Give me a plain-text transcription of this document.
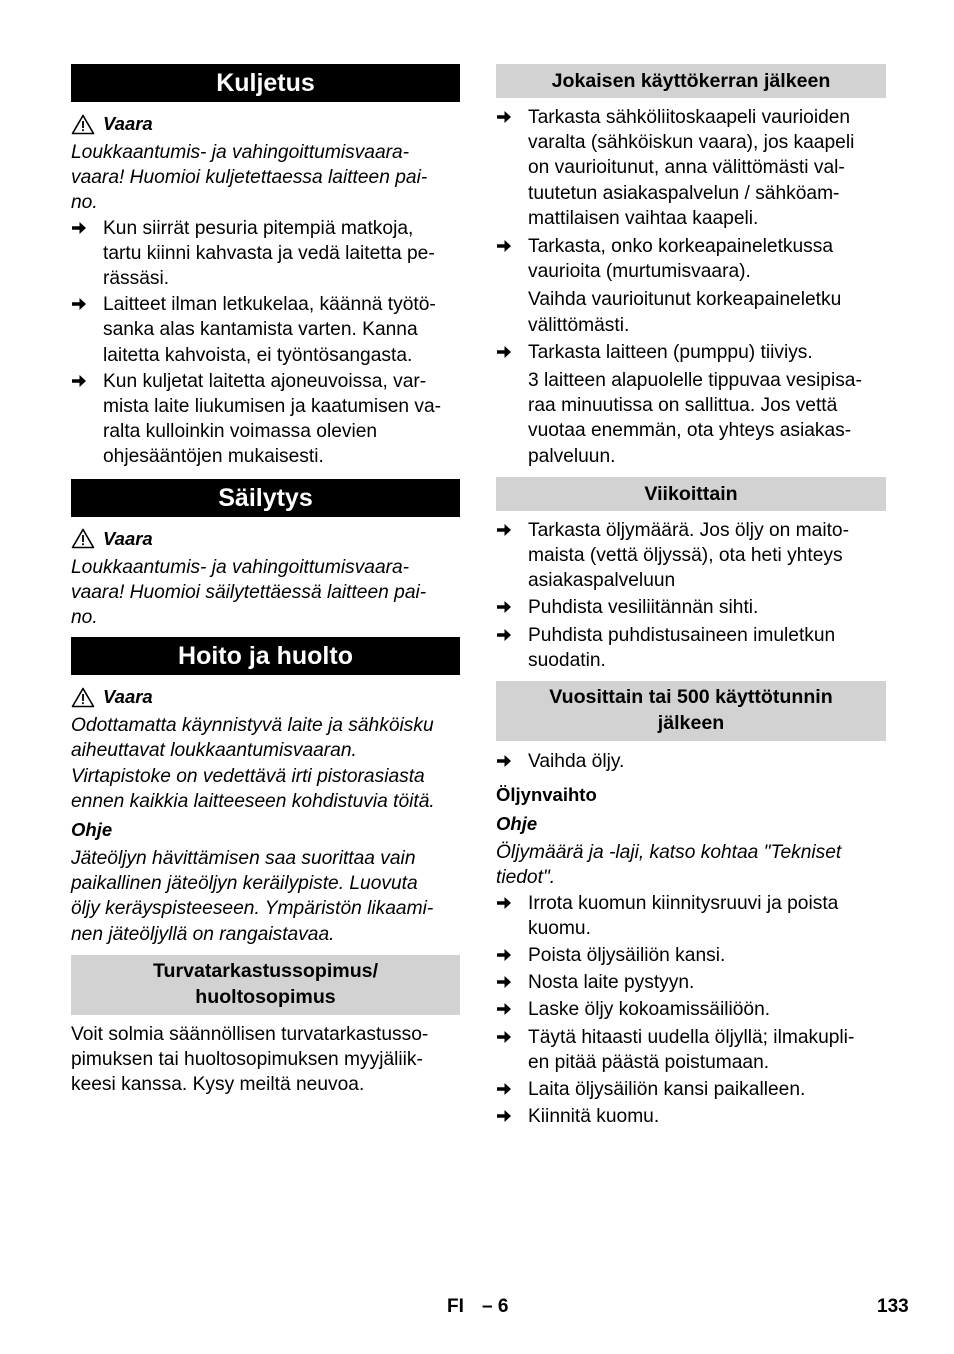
Kuljetus
Vaara

Loukkaantumis- ja vahingoittumisvaara-
vaara! Huomioi kuljetettaessa laitteen pai-
no.

Kun siirrät pesuria pitempiä matkoja,
tartu kiinni kahvasta ja vedä laitetta pe-
rässäsi.
Laitteet ilman letkukelaa, käännä työtö-
sanka alas kantamista varten. Kanna
laitetta kahvoista, ei työntösangasta.
Kun kuljetat laitetta ajoneuvoissa, var-
mista laite liukumisen ja kaatumisen va-
ralta kulloinkin voimassa olevien
ohjesääntöjen mukaisesti.
Säilytys
Vaara

Loukkaantumis- ja vahingoittumisvaara-
vaara! Huomioi säilytettäessä laitteen pai-
no.

Hoito ja huolto
Vaara

Odottamatta käynnistyvä laite ja sähköisku
aiheuttavat loukkaantumisvaaran.
Virtapistoke on vedettävä irti pistorasiasta
ennen kaikkia laitteeseen kohdistuvia töitä.

Ohje

Jäteöljyn hävittämisen saa suorittaa vain
paikallinen jäteöljyn keräilypiste. Luovuta
öljy keräyspisteeseen. Ympäristön likaami-
nen jäteöljyllä on rangaistavaa.

Turvatarkastussopimus/
huoltosopimus

Voit solmia säännöllisen turvatarkastusso-
pimuksen tai huoltosopimuksen myyjäliik-
keesi kanssa. Kysy meiltä neuvoa.

Jokaisen käyttökerran jälkeen
Tarkasta sähköliitoskaapeli vaurioiden
varalta (sähköiskun vaara), jos kaapeli
on vaurioitunut, anna välittömästi val-
tuutetun asiakaspalvelun / sähköam-
mattilaisen vaihtaa kaapeli.
Tarkasta, onko korkeapaineletkussa
vaurioita (murtumisvaara).

Vaihda vaurioitunut korkeapaineletku
välittömästi.

Tarkasta laitteen (pumppu) tiiviys.

3 laitteen alapuolelle tippuvaa vesipisa-
raa minuutissa on sallittua. Jos vettä
vuotaa enemmän, ota yhteys asiakas-
palveluun.

Viikoittain
Tarkasta öljymäärä. Jos öljy on maito-
maista (vettä öljyssä), ota heti yhteys
asiakaspalveluun
Puhdista vesiliitännän sihti.
Puhdista puhdistusaineen imuletkun
suodatin.
Vuosittain tai 500 käyttötunnin
jälkeen
Vaihda öljy.
Öljynvaihto
Ohje

Öljymäärä ja -laji, katso kohtaa "Tekniset
tiedot".

Irrota kuomun kiinnitysruuvi ja poista
kuomu.
Poista öljysäiliön kansi.
Nosta laite pystyyn.
Laske öljy kokoamissäiliöön.
Täytä hitaasti uudella öljyllä; ilmakupli-
en pitää päästä poistumaan.
Laita öljysäiliön kansi paikalleen.
Kiinnitä kuomu.
FI – 6	133
